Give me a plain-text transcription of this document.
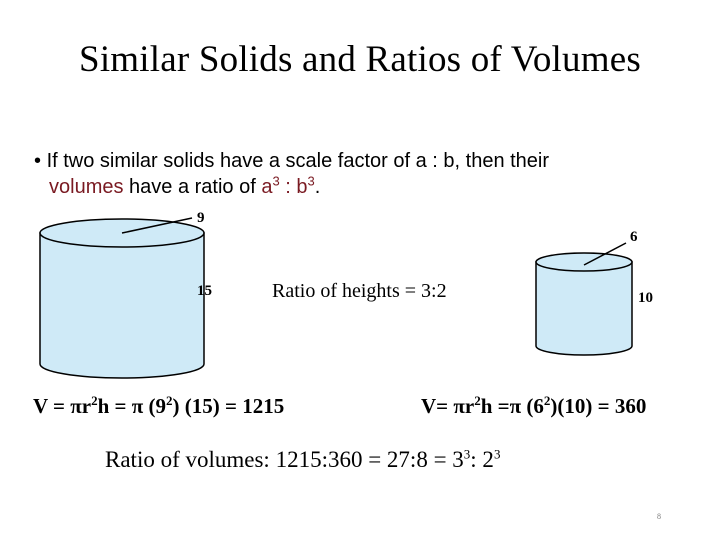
Similar Solids and Ratios of Volumes
• If two similar solids have a scale factor of a : b, then their
volumes have a ratio of $a^3$ : $b^3$.
9
15
6
10
Ratio of heights = 3:2
$V = \pi r^2h = \pi$ $(9^2) (15) = 1215$	$V= \pi r^2h =\pi$ $(6^2)(10) = 360$
Ratio of volumes: 1215:360 = 27:8 = $3^3$: $2^3$
8
